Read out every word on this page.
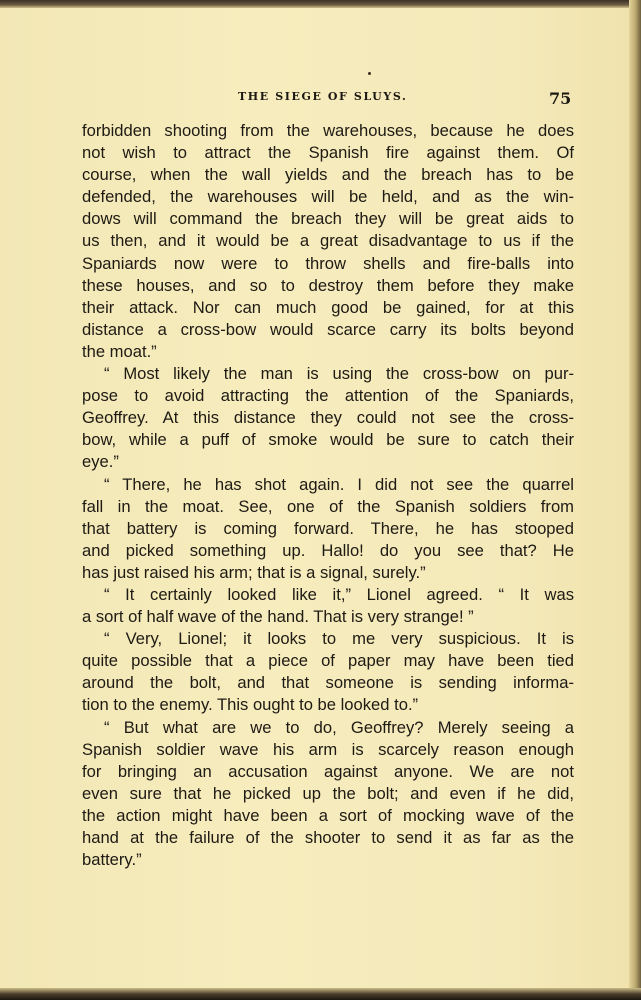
THE SIEGE OF SLUYS.	75
forbidden shooting from the warehouses, because he does
not wish to attract the Spanish fire against them. Of
course, when the wall yields and the breach has to be
defended, the warehouses will be held, and as the win-
dows will command the breach they will be great aids to
us then, and it would be a great disadvantage to us if the
Spaniards now were to throw shells and fire-balls into
these houses, and so to destroy them before they make
their attack. Nor can much good be gained, for at this
distance a cross-bow would scarce carry its bolts beyond
the moat.”
“ Most likely the man is using the cross-bow on pur-
pose to avoid attracting the attention of the Spaniards,
Geoffrey. At this distance they could not see the cross-
bow, while a puff of smoke would be sure to catch their
eye.”
“ There, he has shot again. I did not see the quarrel
fall in the moat. See, one of the Spanish soldiers from
that battery is coming forward. There, he has stooped
and picked something up. Hallo! do you see that? He
has just raised his arm; that is a signal, surely.”
“ It certainly looked like it,” Lionel agreed. “ It was
a sort of half wave of the hand. That is very strange! ”
“ Very, Lionel; it looks to me very suspicious. It is
quite possible that a piece of paper may have been tied
around the bolt, and that someone is sending informa-
tion to the enemy. This ought to be looked to.”
“ But what are we to do, Geoffrey? Merely seeing a
Spanish soldier wave his arm is scarcely reason enough
for bringing an accusation against anyone. We are not
even sure that he picked up the bolt; and even if he did,
the action might have been a sort of mocking wave of the
hand at the failure of the shooter to send it as far as the
battery.”
